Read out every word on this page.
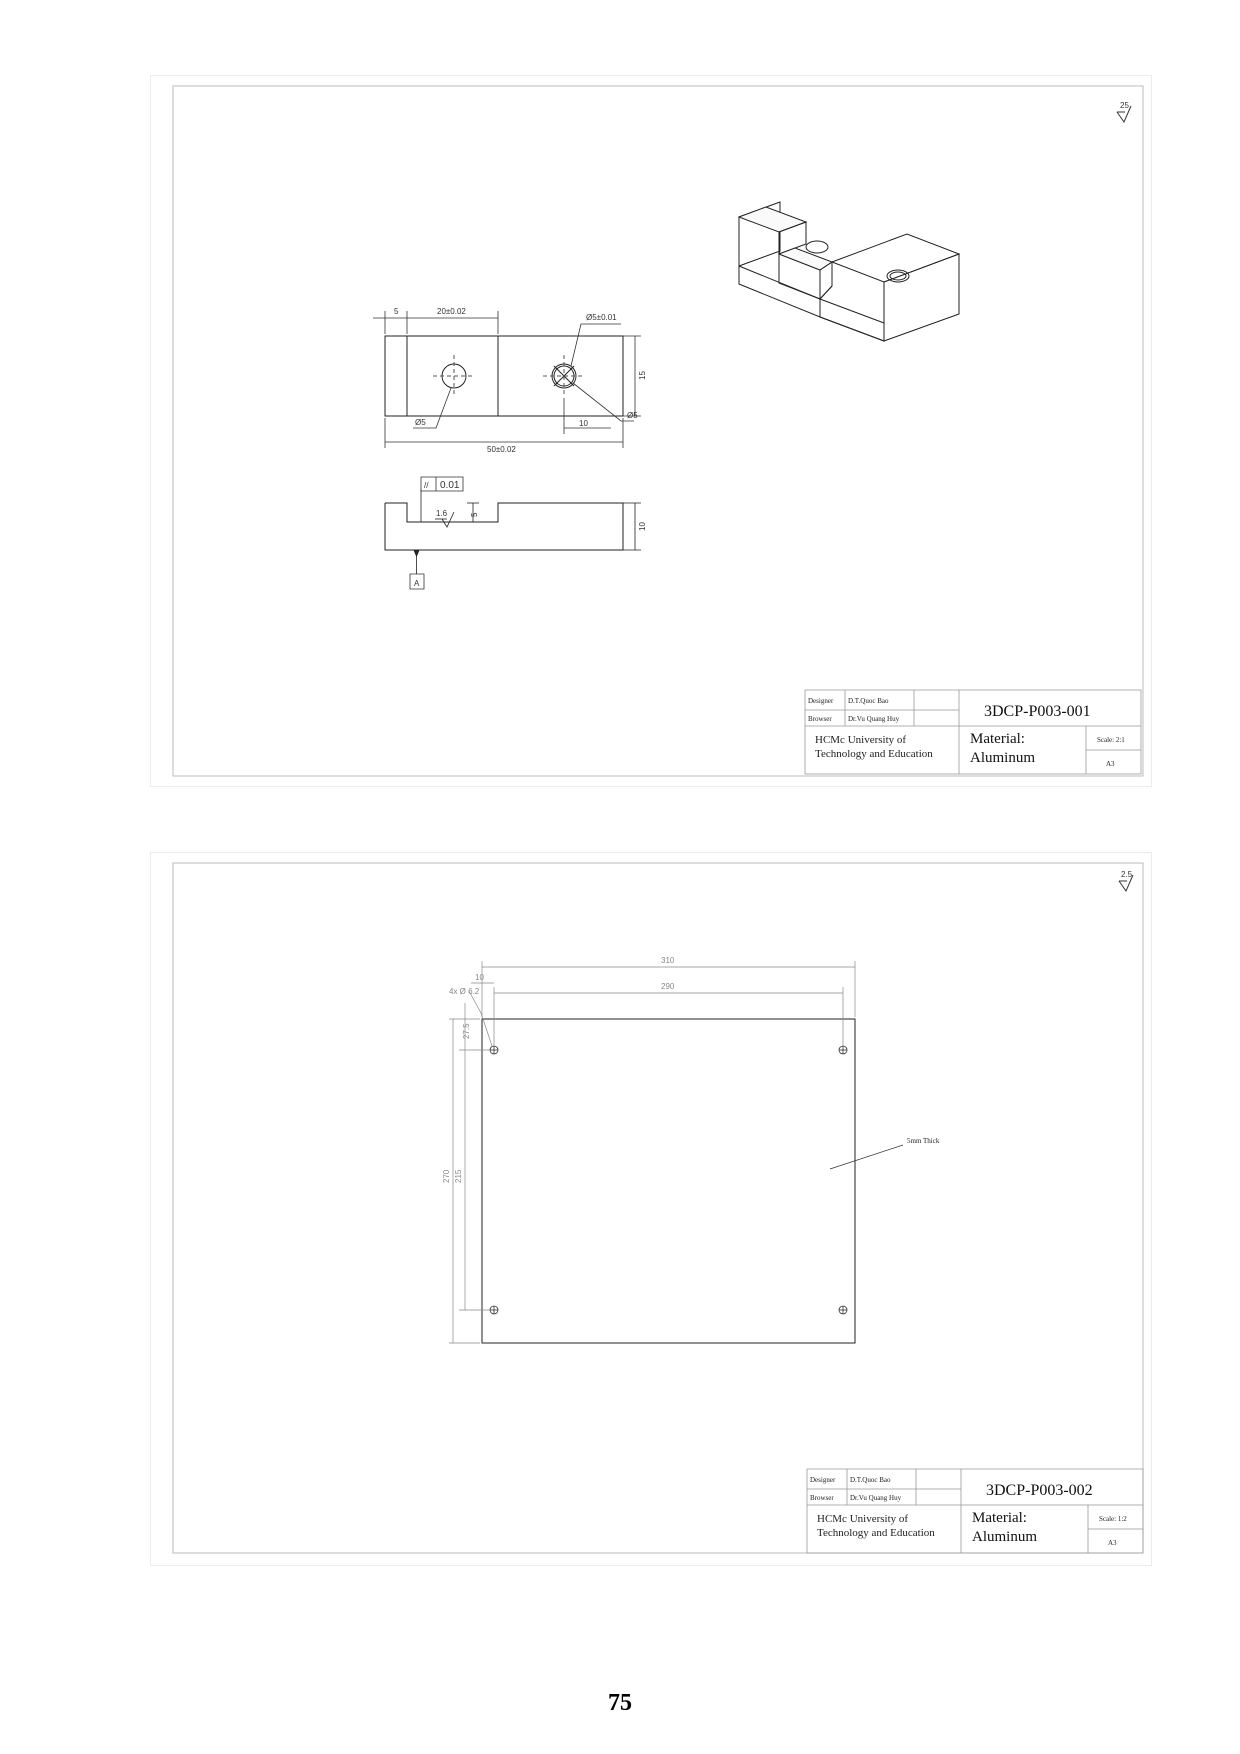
25
5	20±0.02
Ø5±0.01
15
Ø5
Ø5
10
50±0.02
// 0.01
1.6	5
10
A
Designer D.T.Quoc Bao
Browser Dr.Vu Quang Huy	3DCP-P003-001
HCMc University of
Technology and Education
Material:
Aluminum
Scale: 2:1
A3
2.5
310
290
10
4x Ø 6.2
27.5
270 215
5mm Thick
Designer D.T.Quoc Bao
Browser Dr.Vu Quang Huy	3DCP-P003-002
HCMc University of
Technology and Education
Material:
Aluminum
Scale: 1:2
A3
75
